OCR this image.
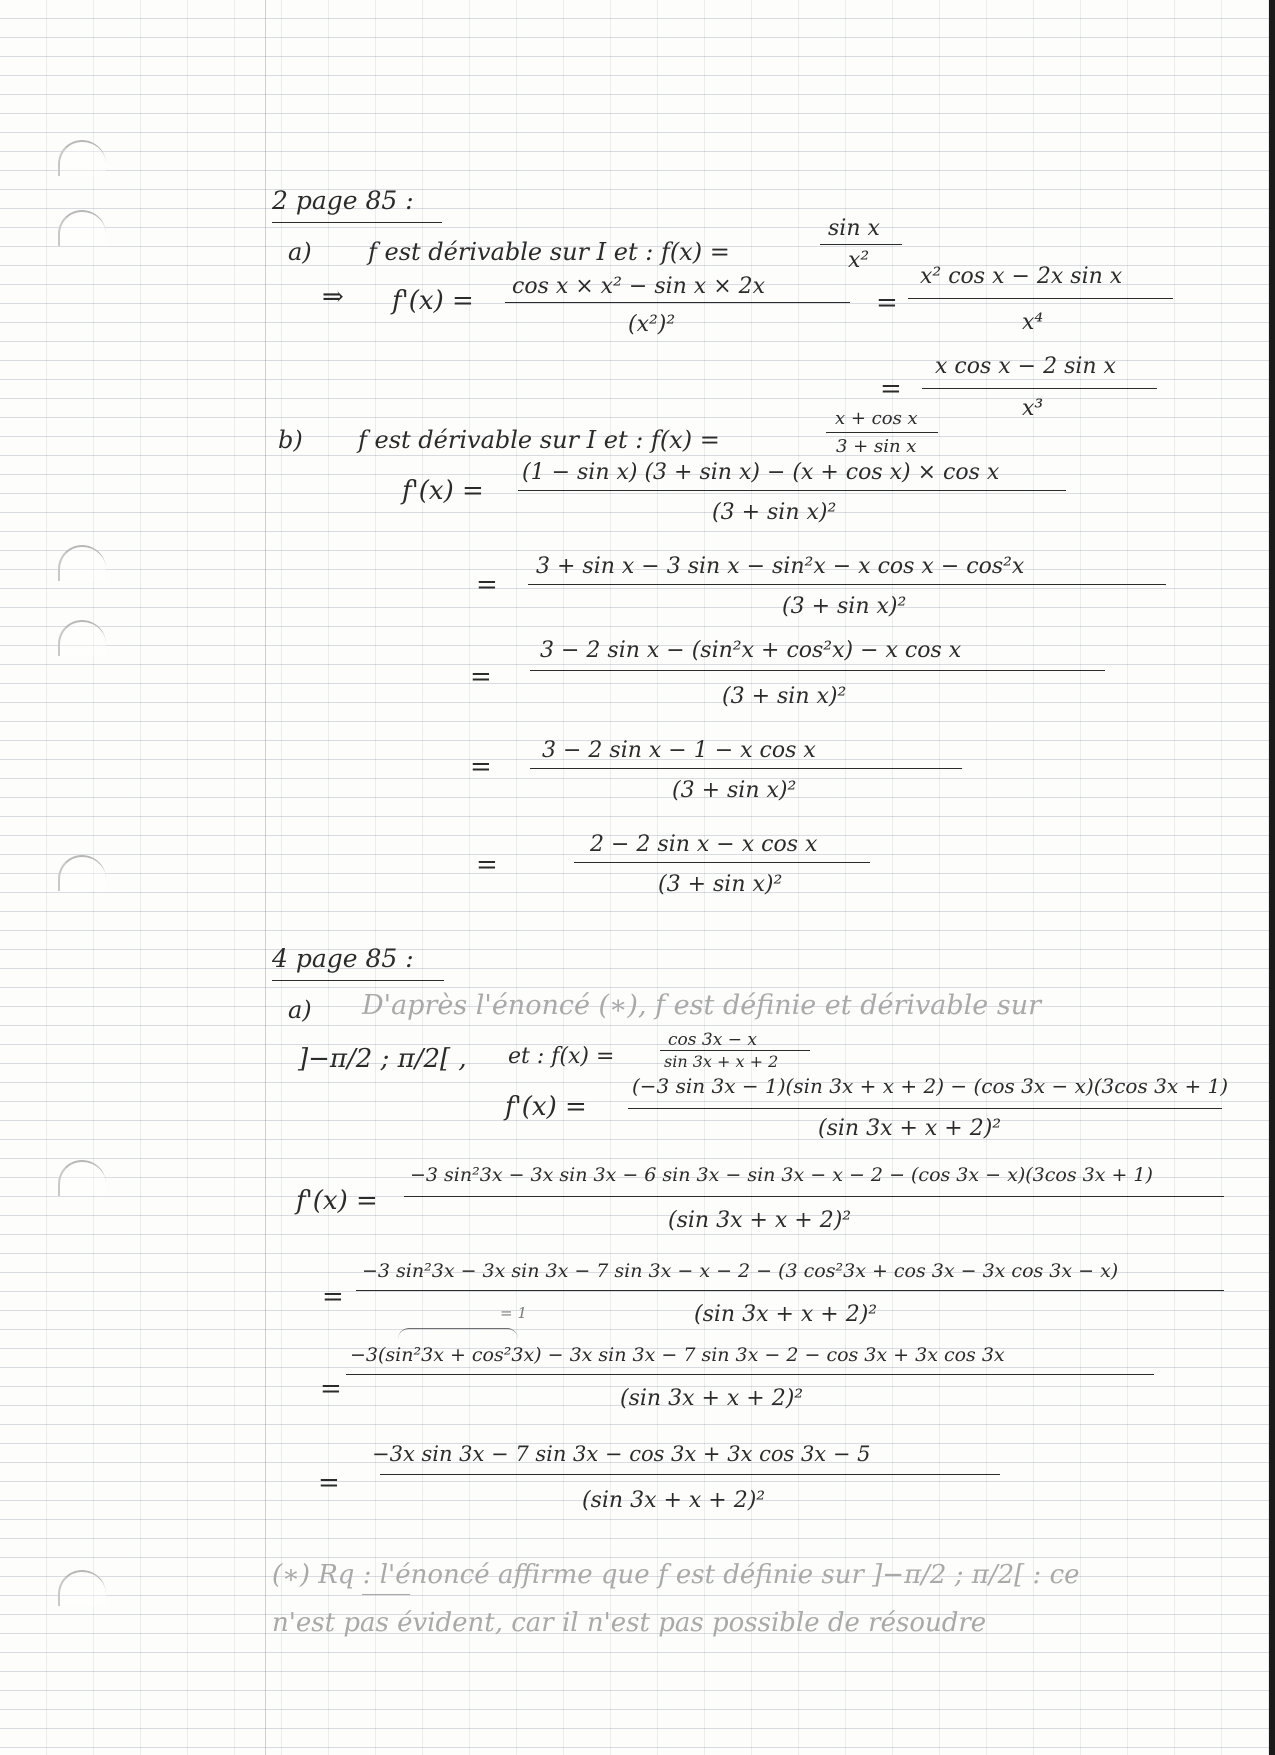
2 page 85 :
a) f est dérivable sur I et : f(x) =
sin x
x²
⇒ f'(x) = cos x × x² − sin x × 2x
(x²)²
=
x² cos x − 2x sin x
x⁴
=
x cos x − 2 sin x
x³
b) f est dérivable sur I et : f(x) =
x + cos x
3 + sin x
f'(x) =
(1 − sin x) (3 + sin x) − (x + cos x) × cos x
(3 + sin x)²
=
3 + sin x − 3 sin x − sin²x − x cos x − cos²x
(3 + sin x)²
=
3 − 2 sin x − (sin²x + cos²x) − x cos x
(3 + sin x)²
=
3 − 2 sin x − 1 − x cos x
(3 + sin x)²
=
2 − 2 sin x − x cos x
(3 + sin x)²
4 page 85 :
a) D'après l'énoncé (∗), f est définie et dérivable sur
]−π/2 ; π/2[ , et : f(x) =
cos 3x − x
sin 3x + x + 2
f'(x) =
(−3 sin 3x − 1)(sin 3x + x + 2) − (cos 3x − x)(3cos 3x + 1)
(sin 3x + x + 2)²
f'(x) =
−3 sin²3x − 3x sin 3x − 6 sin 3x − sin 3x − x − 2 − (cos 3x − x)(3cos 3x + 1)
(sin 3x + x + 2)²
=
−3 sin²3x − 3x sin 3x − 7 sin 3x − x − 2 − (3 cos²3x + cos 3x − 3x cos 3x − x)
= 1	(sin 3x + x + 2)²
=
−3(sin²3x + cos²3x) − 3x sin 3x − 7 sin 3x − 2 − cos 3x + 3x cos 3x
(sin 3x + x + 2)²
=
−3x sin 3x − 7 sin 3x − cos 3x + 3x cos 3x − 5
(sin 3x + x + 2)²
(∗) Rq : l'énoncé affirme que f est définie sur ]−π/2 ; π/2[ : ce
n'est pas évident, car il n'est pas possible de résoudre
